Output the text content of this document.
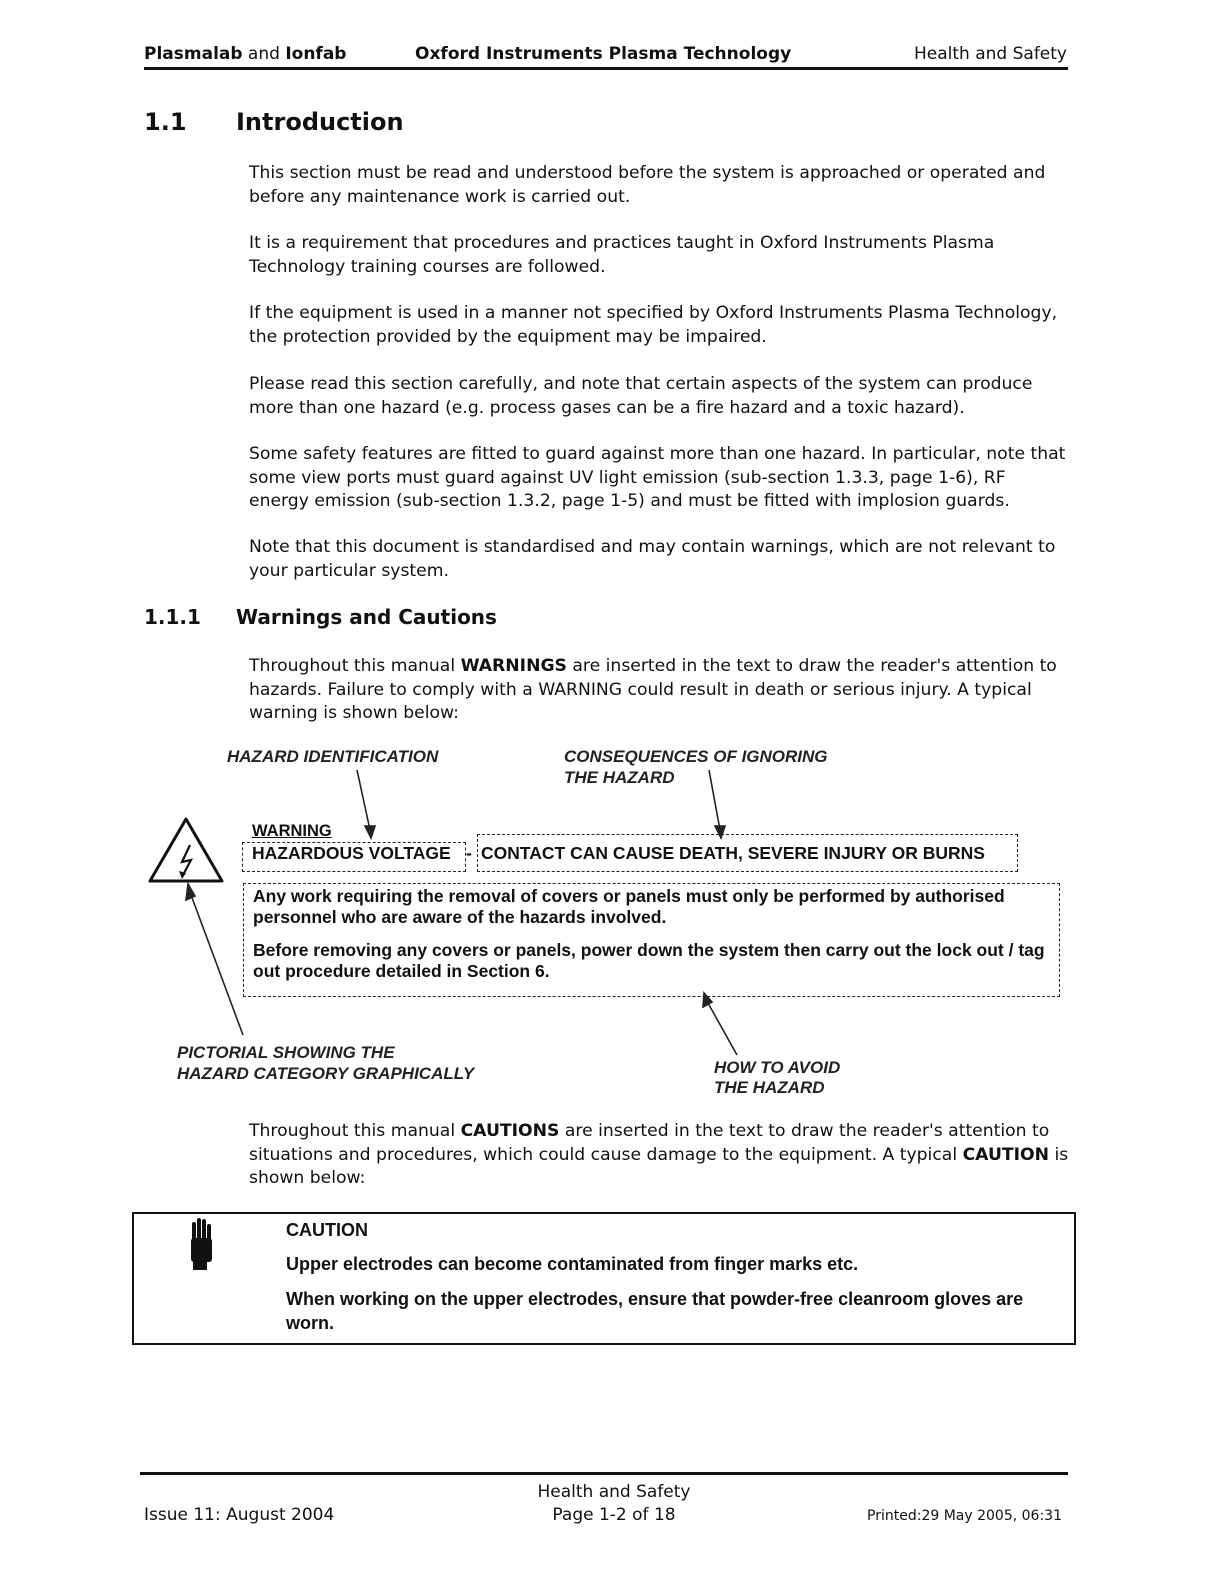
Plasmalab and Ionfab	Oxford Instruments Plasma Technology	Health and Safety
1.1 Introduction

This section must be read and understood before the system is approached or operated and before any maintenance work is carried out.

It is a requirement that procedures and practices taught in Oxford Instruments Plasma Technology training courses are followed.

If the equipment is used in a manner not specified by Oxford Instruments Plasma Technology, the protection provided by the equipment may be impaired.

Please read this section carefully, and note that certain aspects of the system can produce more than one hazard (e.g. process gases can be a fire hazard and a toxic hazard).

Some safety features are fitted to guard against more than one hazard. In particular, note that some view ports must guard against UV light emission (sub-section 1.3.3, page 1-6), RF energy emission (sub-section 1.3.2, page 1-5) and must be fitted with implosion guards.

Note that this document is standardised and may contain warnings, which are not relevant to your particular system.

1.1.1 Warnings and Cautions

Throughout this manual WARNINGS are inserted in the text to draw the reader's attention to hazards. Failure to comply with a WARNING could result in death or serious injury. A typical warning is shown below:

HAZARD IDENTIFICATION	CONSEQUENCES OF IGNORING
THE HAZARD
WARNING
HAZARDOUS VOLTAGE - CONTACT CAN CAUSE DEATH, SEVERE INJURY OR BURNS
Any work requiring the removal of covers or panels must only be performed by authorised personnel who are aware of the hazards involved.
Before removing any covers or panels, power down the system then carry out the lock out / tag out procedure detailed in Section 6.
PICTORIAL SHOWING THE
HAZARD CATEGORY GRAPHICALLY	HOW TO AVOID
THE HAZARD

Throughout this manual CAUTIONS are inserted in the text to draw the reader's attention to situations and procedures, which could cause damage to the equipment. A typical CAUTION is shown below:

CAUTION
Upper electrodes can become contaminated from finger marks etc.
When working on the upper electrodes, ensure that powder-free cleanroom gloves are worn.
Health and Safety
Issue 11: August 2004	Page 1-2 of 18	Printed:29 May 2005, 06:31
